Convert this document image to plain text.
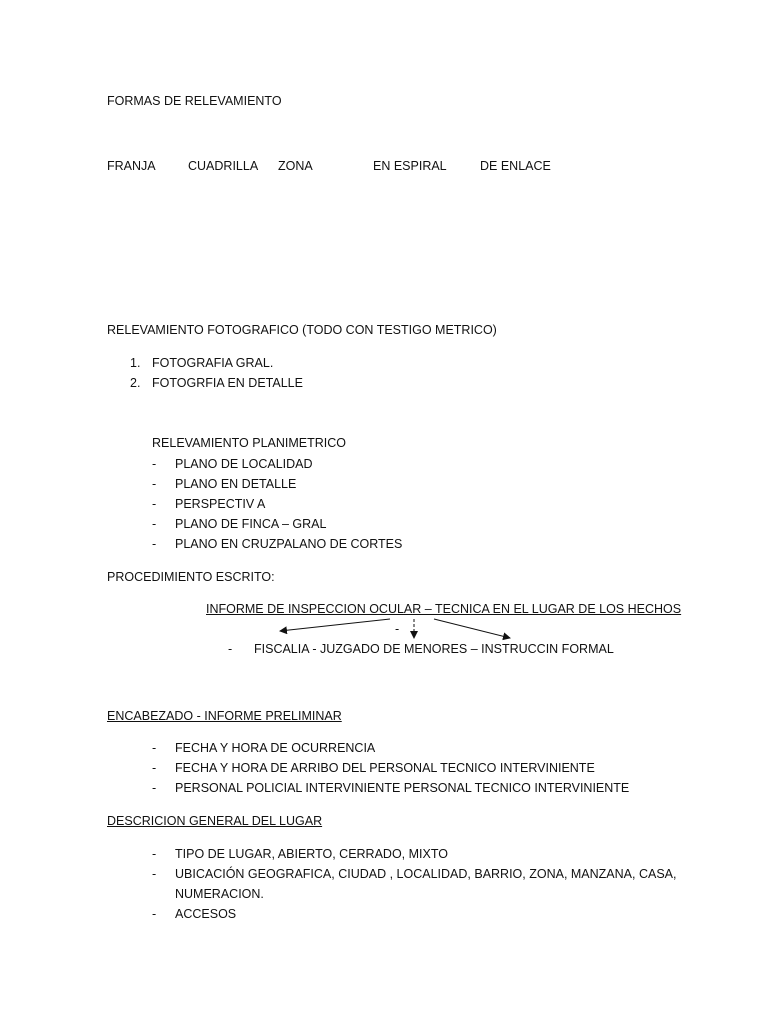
FORMAS DE RELEVAMIENTO
FRANJA	CUADRILLA ZONA	EN ESPIRAL	DE ENLACE
RELEVAMIENTO FOTOGRAFICO (TODO CON TESTIGO METRICO)
1. FOTOGRAFIA GRAL.
2. FOTOGRFIA EN DETALLE
RELEVAMIENTO PLANIMETRICO
- PLANO DE LOCALIDAD
- PLANO EN DETALLE
- PERSPECTIV A
- PLANO DE FINCA – GRAL
- PLANO EN CRUZPALANO DE CORTES
PROCEDIMIENTO ESCRITO:
INFORME DE INSPECCION OCULAR – TECNICA EN EL LUGAR DE LOS HECHOS
-
- FISCALIA - JUZGADO DE MENORES – INSTRUCCIN FORMAL
ENCABEZADO - INFORME PRELIMINAR
- FECHA Y HORA DE OCURRENCIA
- FECHA Y HORA DE ARRIBO DEL PERSONAL TECNICO INTERVINIENTE
- PERSONAL POLICIAL INTERVINIENTE PERSONAL TECNICO INTERVINIENTE
DESCRICION GENERAL DEL LUGAR
- TIPO DE LUGAR, ABIERTO, CERRADO, MIXTO
- UBICACIÓN GEOGRAFICA, CIUDAD , LOCALIDAD, BARRIO, ZONA, MANZANA, CASA,
NUMERACION.
- ACCESOS
